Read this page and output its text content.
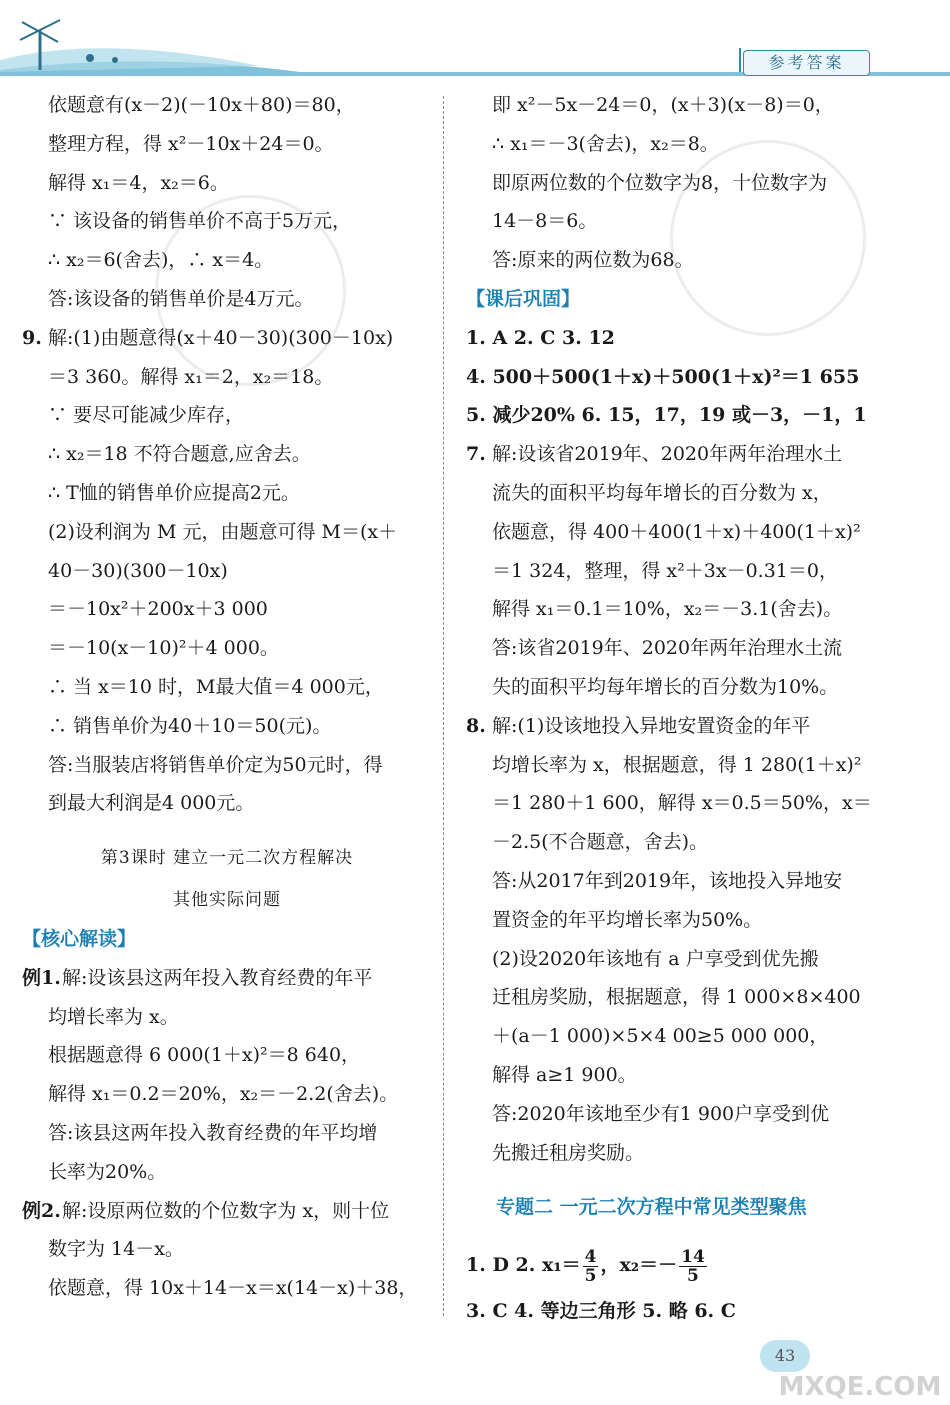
参考答案
依题意有(x－2)(－10x＋80)＝80，
整理方程，得 x²－10x＋24＝0。
解得 x₁＝4，x₂＝6。
∵ 该设备的销售单价不高于5万元，
∴ x₂＝6(舍去)，∴ x＝4。
答:该设备的销售单价是4万元。
9. 解:(1)由题意得(x＋40－30)(300－10x)
＝3 360。解得 x₁＝2，x₂＝18。
∵ 要尽可能减少库存，
∴ x₂＝18 不符合题意,应舍去。
∴ T恤的销售单价应提高2元。
(2)设利润为 M 元，由题意可得 M＝(x＋
40－30)(300－10x)
＝－10x²＋200x＋3 000
＝－10(x－10)²＋4 000。
∴ 当 x＝10 时，M最大值＝4 000元，
∴ 销售单价为40＋10＝50(元)。
答:当服装店将销售单价定为50元时，得
到最大利润是4 000元。
第3课时 建立一元二次方程解决
其他实际问题
【核心解读】
例1.解:设该县这两年投入教育经费的年平
均增长率为 x。
根据题意得 6 000(1＋x)²＝8 640，
解得 x₁＝0.2＝20%，x₂＝－2.2(舍去)。
答:该县这两年投入教育经费的年平均增
长率为20%。
例2.解:设原两位数的个位数字为 x，则十位
数字为 14－x。
依题意，得 10x＋14－x＝x(14－x)＋38，
即 x²－5x－24＝0，(x＋3)(x－8)＝0，
∴ x₁＝－3(舍去)，x₂＝8。
即原两位数的个位数字为8，十位数字为
14－8＝6。
答:原来的两位数为68。
【课后巩固】
1. A 2. C 3. 12
4. 500＋500(1＋x)＋500(1＋x)²＝1 655
5. 减少20% 6. 15，17，19 或－3，－1，1
7. 解:设该省2019年、2020年两年治理水土
流失的面积平均每年增长的百分数为 x，
依题意，得 400＋400(1＋x)＋400(1＋x)²
＝1 324，整理，得 x²＋3x－0.31＝0，
解得 x₁＝0.1＝10%，x₂＝－3.1(舍去)。
答:该省2019年、2020年两年治理水土流
失的面积平均每年增长的百分数为10%。
8. 解:(1)设该地投入异地安置资金的年平
均增长率为 x，根据题意，得 1 280(1＋x)²
＝1 280＋1 600，解得 x＝0.5＝50%，x＝
－2.5(不合题意，舍去)。
答:从2017年到2019年，该地投入异地安
置资金的年平均增长率为50%。
(2)设2020年该地有 a 户享受到优先搬
迁租房奖励，根据题意，得 1 000×8×400
＋(a－1 000)×5×4 00≥5 000 000，
解得 a≥1 900。
答:2020年该地至少有1 900户享受到优
先搬迁租房奖励。
专题二 一元二次方程中常见类型聚焦
1. D 2. $x_1= \frac{4}{5}$ ，$x_2=- \frac{14}{5}$
3. C 4. 等边三角形 5. 略 6. C
43
MXQE.COM
